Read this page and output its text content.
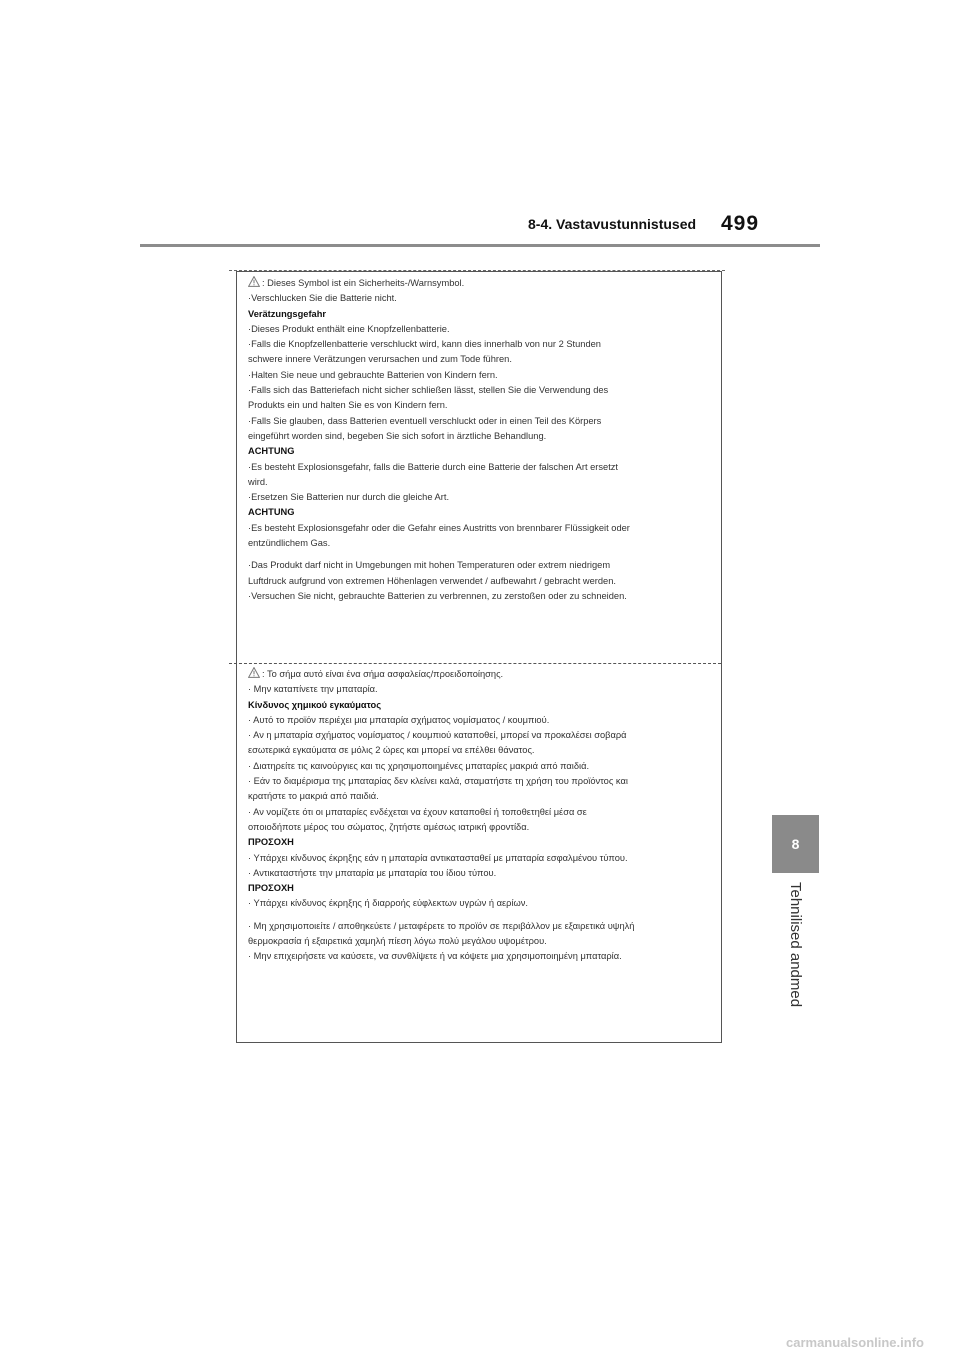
8-4. Vastavustunnistused 499
8
Tehnilised andmed
: Dieses Symbol ist ein Sicherheits-/Warnsymbol.
·Verschlucken Sie die Batterie nicht.
Verätzungsgefahr
·Dieses Produkt enthält eine Knopfzellenbatterie.
·Falls die Knopfzellenbatterie verschluckt wird, kann dies innerhalb von nur 2 Stunden
schwere innere Verätzungen verursachen und zum Tode führen.
·Halten Sie neue und gebrauchte Batterien von Kindern fern.
·Falls sich das Batteriefach nicht sicher schließen lässt, stellen Sie die Verwendung des
Produkts ein und halten Sie es von Kindern fern.
·Falls Sie glauben, dass Batterien eventuell verschluckt oder in einen Teil des Körpers
eingeführt worden sind, begeben Sie sich sofort in ärztliche Behandlung.
ACHTUNG
·Es besteht Explosionsgefahr, falls die Batterie durch eine Batterie der falschen Art ersetzt
wird.
·Ersetzen Sie Batterien nur durch die gleiche Art.
ACHTUNG
·Es besteht Explosionsgefahr oder die Gefahr eines Austritts von brennbarer Flüssigkeit oder
entzündlichem Gas.
·Das Produkt darf nicht in Umgebungen mit hohen Temperaturen oder extrem niedrigem
Luftdruck aufgrund von extremen Höhenlagen verwendet / aufbewahrt / gebracht werden.
·Versuchen Sie nicht, gebrauchte Batterien zu verbrennen, zu zerstoßen oder zu schneiden.
: Το σήμα αυτό είναι ένα σήμα ασφαλείας/προειδοποίησης.
· Μην καταπίνετε την μπαταρία.
Κίνδυνος χημικού εγκαύματος
· Αυτό το προϊόν περιέχει μια μπαταρία σχήματος νομίσματος / κουμπιού.
· Αν η μπαταρία σχήματος νομίσματος / κουμπιού καταποθεί, μπορεί να προκαλέσει σοβαρά
εσωτερικά εγκαύματα σε μόλις 2 ώρες και μπορεί να επέλθει θάνατος.
· Διατηρείτε τις καινούργιες και τις χρησιμοποιημένες μπαταρίες μακριά από παιδιά.
· Εάν το διαμέρισμα της μπαταρίας δεν κλείνει καλά, σταματήστε τη χρήση του προϊόντος και
κρατήστε το μακριά από παιδιά.
· Αν νομίζετε ότι οι μπαταρίες ενδέχεται να έχουν καταποθεί ή τοποθετηθεί μέσα σε
οποιοδήποτε μέρος του σώματος, ζητήστε αμέσως ιατρική φροντίδα.
ΠΡΟΣΟΧΗ
· Υπάρχει κίνδυνος έκρηξης εάν η μπαταρία αντικατασταθεί με μπαταρία εσφαλμένου τύπου.
· Αντικαταστήστε την μπαταρία με μπαταρία του ίδιου τύπου.
ΠΡΟΣΟΧΗ
· Υπάρχει κίνδυνος έκρηξης ή διαρροής εύφλεκτων υγρών ή αερίων.
· Μη χρησιμοποιείτε / αποθηκεύετε / μεταφέρετε το προϊόν σε περιβάλλον με εξαιρετικά υψηλή
θερμοκρασία ή εξαιρετικά χαμηλή πίεση λόγω πολύ μεγάλου υψομέτρου.
· Μην επιχειρήσετε να καύσετε, να συνθλίψετε ή να κόψετε μια χρησιμοποιημένη μπαταρία.
carmanualsonline.info
